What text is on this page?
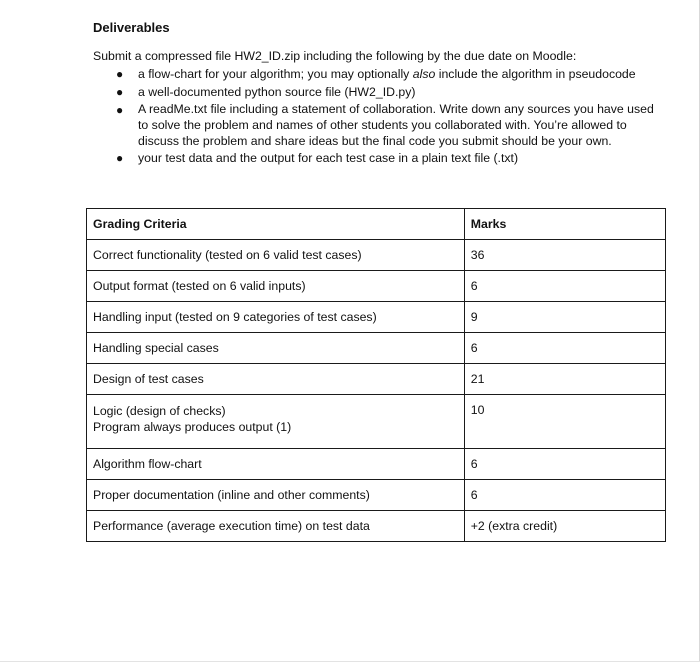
Deliverables
Submit a compressed file HW2_ID.zip including the following by the due date on Moodle:
● a flow-chart for your algorithm; you may optionally also include the algorithm in pseudocode
● a well-documented python source file (HW2_ID.py)
● A readMe.txt file including a statement of collaboration. Write down any sources you have used
to solve the problem and names of other students you collaborated with. You’re allowed to
discuss the problem and share ideas but the final code you submit should be your own.
● your test data and the output for each test case in a plain text file (.txt)
Grading Criteria	Marks
Correct functionality (tested on 6 valid test cases)	36
Output format (tested on 6 valid inputs)	6
Handling input (tested on 9 categories of test cases)	9
Handling special cases	6
Design of test cases	21

Logic (design of checks)
Program always produces output (1)	10
Algorithm flow-chart	6
Proper documentation (inline and other comments)	6
Performance (average execution time) on test data	+2 (extra credit)
